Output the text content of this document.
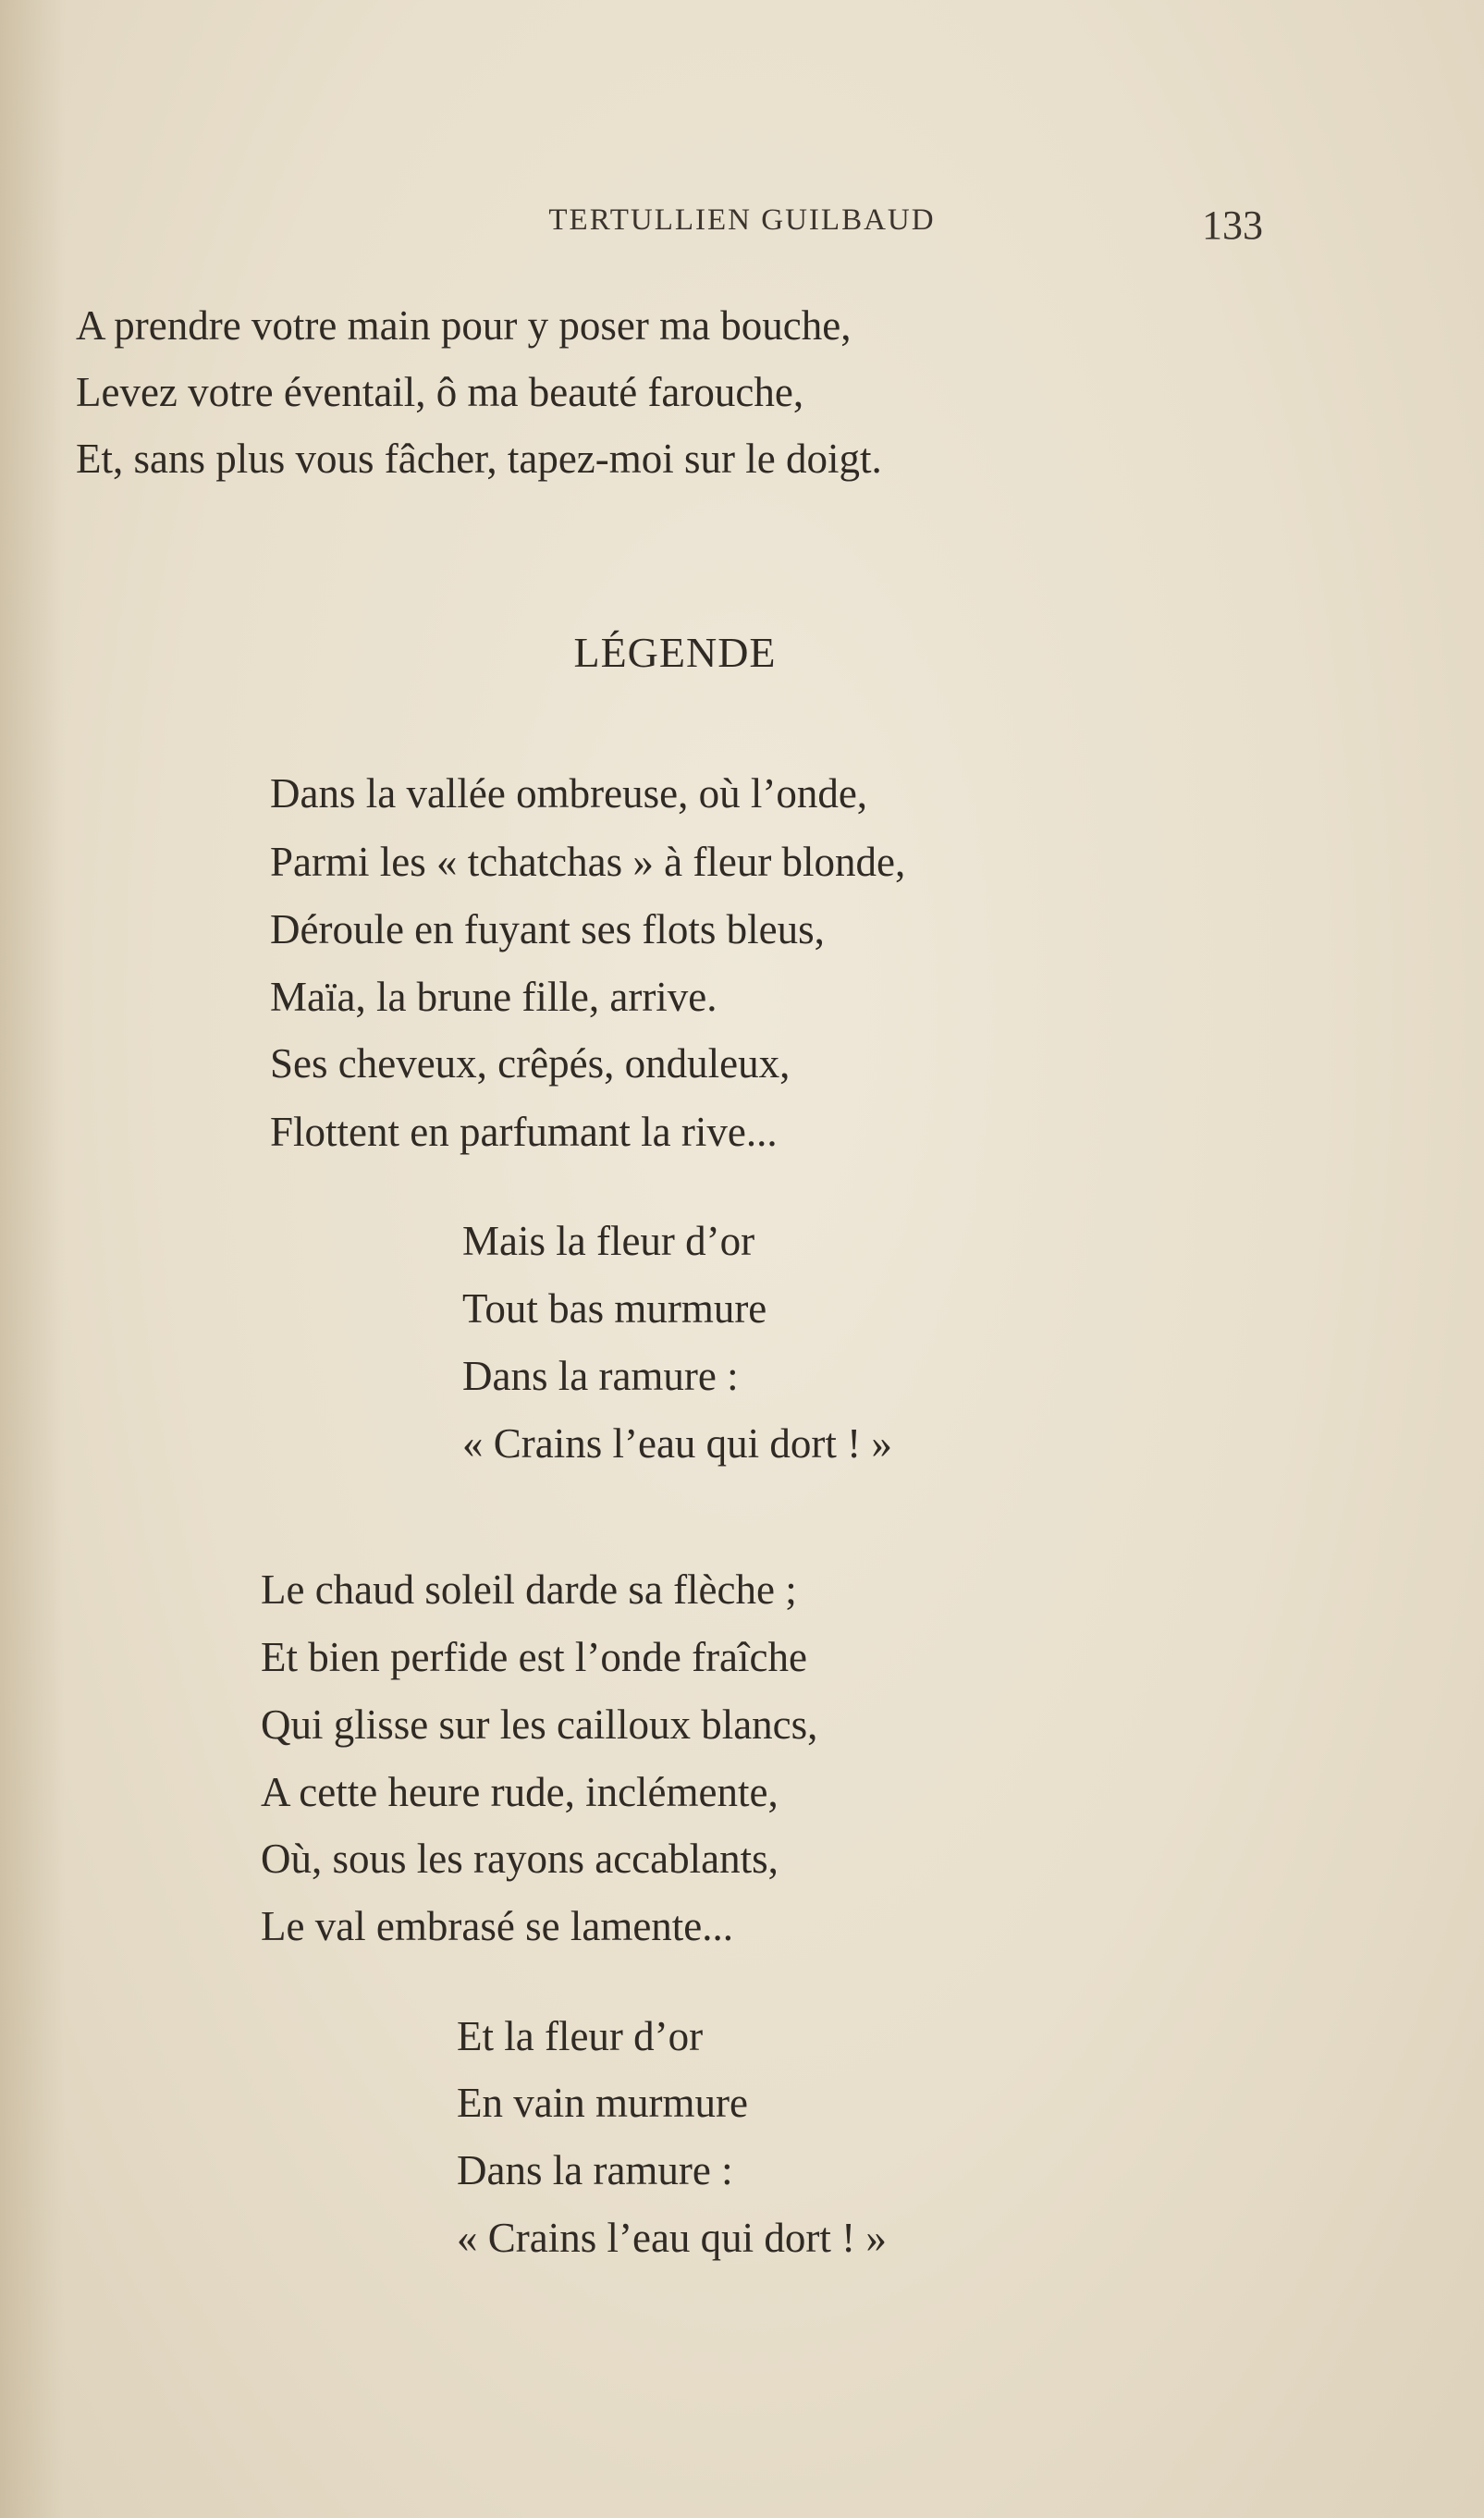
TERTULLIEN GUILBAUD	133
A prendre votre main pour y poser ma bouche,
Levez votre éventail, ô ma beauté farouche,
Et, sans plus vous fâcher, tapez-moi sur le doigt.
LÉGENDE
Dans la vallée ombreuse, où l’onde,
Parmi les « tchatchas » à fleur blonde,
Déroule en fuyant ses flots bleus,
Maïa, la brune fille, arrive.
Ses cheveux, crêpés, onduleux,
Flottent en parfumant la rive...
Mais la fleur d’or
Tout bas murmure
Dans la ramure :
« Crains l’eau qui dort ! »
Le chaud soleil darde sa flèche ;
Et bien perfide est l’onde fraîche
Qui glisse sur les cailloux blancs,
A cette heure rude, inclémente,
Où, sous les rayons accablants,
Le val embrasé se lamente...
Et la fleur d’or
En vain murmure
Dans la ramure :
« Crains l’eau qui dort ! »
